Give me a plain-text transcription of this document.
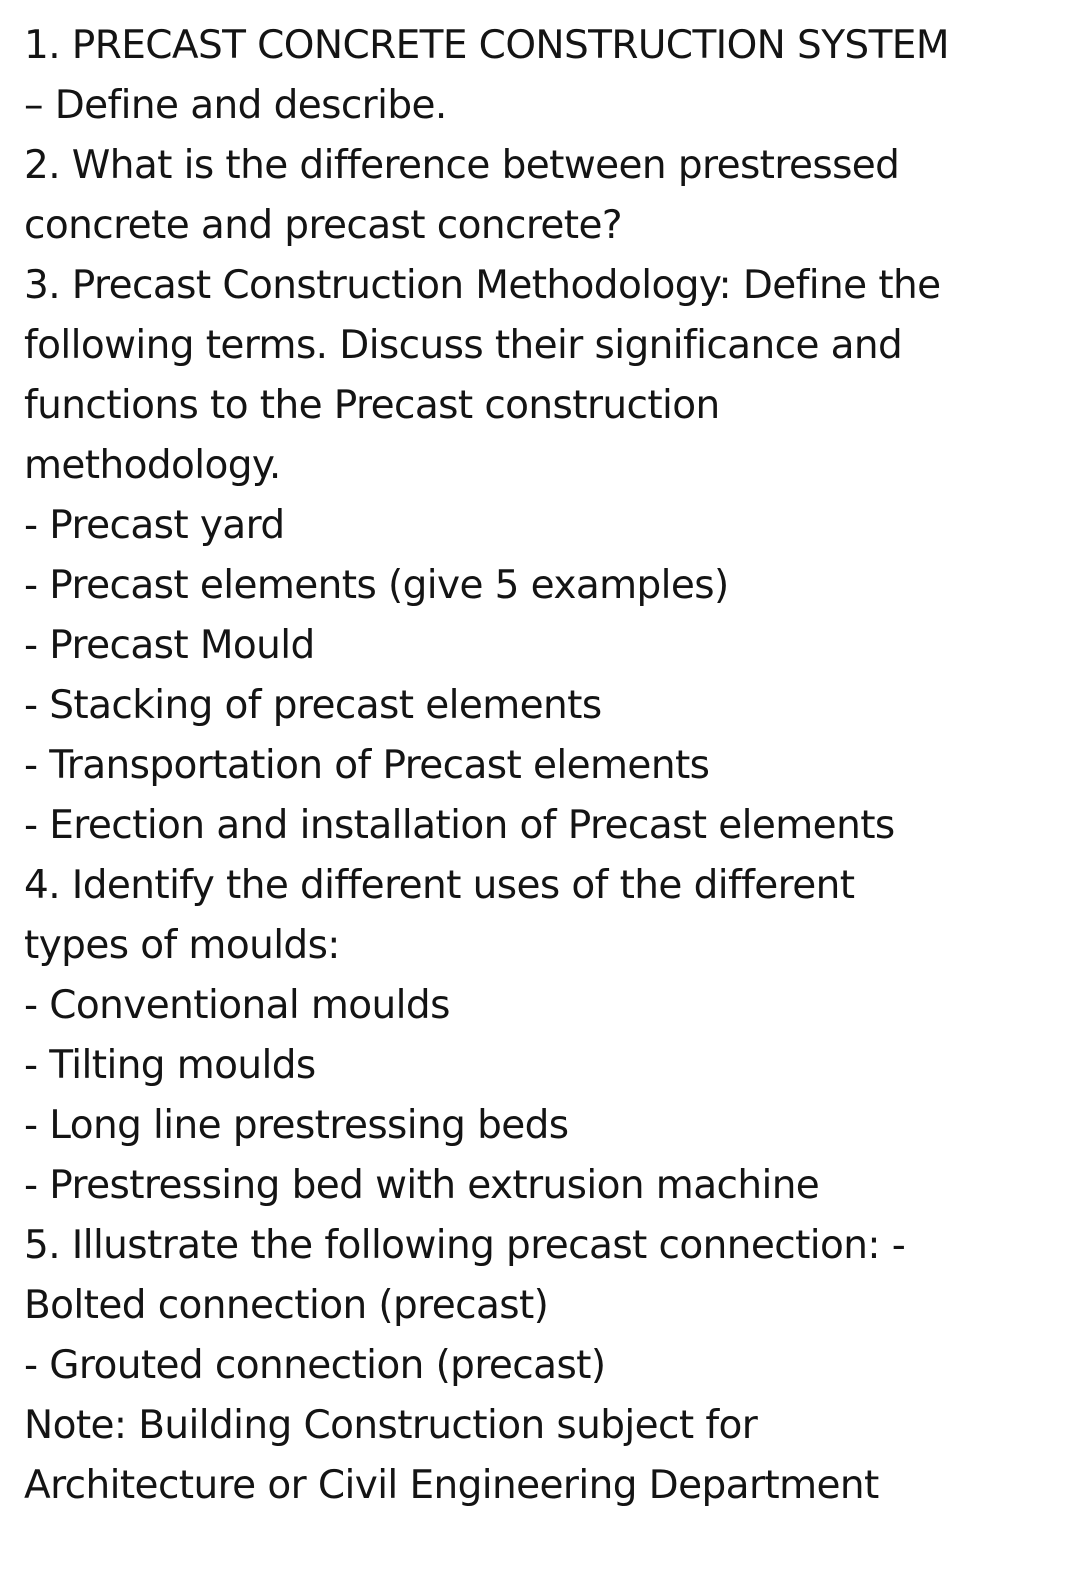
1. PRECAST CONCRETE CONSTRUCTION SYSTEM
– Define and describe.
2. What is the difference between prestressed
concrete and precast concrete?
3. Precast Construction Methodology: Define the
following terms. Discuss their significance and
functions to the Precast construction
methodology.
- Precast yard
- Precast elements (give 5 examples)
- Precast Mould
- Stacking of precast elements
- Transportation of Precast elements
- Erection and installation of Precast elements
4. Identify the different uses of the different
types of moulds:
- Conventional moulds
- Tilting moulds
- Long line prestressing beds
- Prestressing bed with extrusion machine
5. Illustrate the following precast connection: -
Bolted connection (precast)
- Grouted connection (precast)
Note: Building Construction subject for
Architecture or Civil Engineering Department
